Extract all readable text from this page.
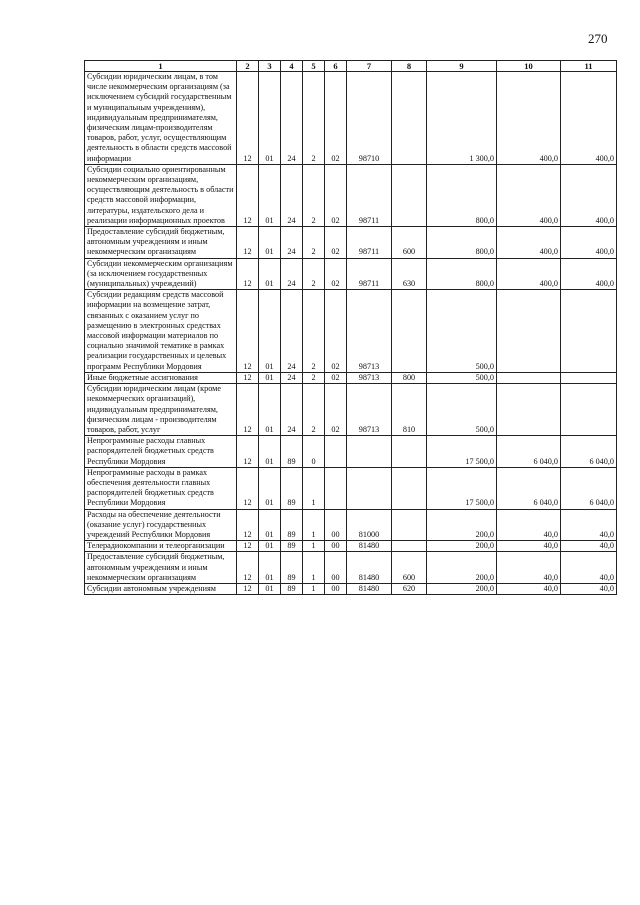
270
1	2	3	4	5	6	7	8	9	10	11
Субсидии юридическим лицам, в том числе некоммерческим организациям (за исключением субсидий государственным и муниципальным учреждениям), индивидуальным предпринимателям, физическим лицам-производителям товаров, работ, услуг, осуществляющим деятельность в области средств массовой информации	12	01	24	2	02	98710		1 300,0	400,0	400,0
Субсидии социально ориентированным некоммерческим организациям, осуществляющим деятельность в области средств массовой информации, литературы, издательского дела и реализации информационных проектов	12	01	24	2	02	98711		800,0	400,0	400,0
Предоставление субсидий бюджетным, автономным учреждениям и иным некоммерческим организациям	12	01	24	2	02	98711	600	800,0	400,0	400,0
Субсидии некоммерческим организациям (за исключением государственных (муниципальных) учреждений)	12	01	24	2	02	98711	630	800,0	400,0	400,0
Субсидии редакциям средств массовой информации на возмещение затрат, связанных с оказанием услуг по размещению в электронных средствах массовой информации материалов по социально значимой тематике в рамках реализации государственных и целевых программ Республики Мордовия	12	01	24	2	02	98713		500,0		
Иные бюджетные ассигнования	12	01	24	2	02	98713	800	500,0		
Субсидии юридическим лицам (кроме некоммерческих организаций), индивидуальным предпринимателям, физическим лицам - производителям товаров, работ, услуг	12	01	24	2	02	98713	810	500,0		
Непрограммные расходы главных распорядителей бюджетных средств Республики Мордовия	12	01	89	0				17 500,0	6 040,0	6 040,0
Непрограммные расходы в рамках обеспечения деятельности главных распорядителей бюджетных средств Республики Мордовия	12	01	89	1				17 500,0	6 040,0	6 040,0
Расходы на обеспечение деятельности (оказание услуг) государственных учреждений Республики Мордовия	12	01	89	1	00	81000		200,0	40,0	40,0
Телерадиокомпании и телеорганизации	12	01	89	1	00	81480		200,0	40,0	40,0
Предоставление субсидий бюджетным, автономным учреждениям и иным некоммерческим организациям	12	01	89	1	00	81480	600	200,0	40,0	40,0
Субсидии автономным учреждениям	12	01	89	1	00	81480	620	200,0	40,0	40,0
